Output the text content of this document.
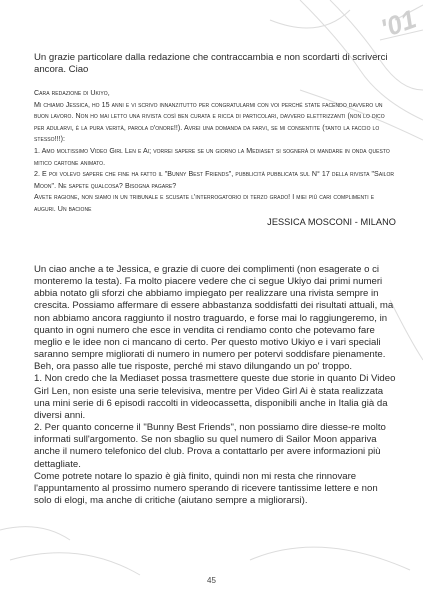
'01
Un grazie particolare dalla redazione che contraccambia e non scordarti di scriverci ancora. Ciao

Cara redazione di Ukiyo,

Mi chiamo Jessica, ho 15 anni e vi scrivo innanzitutto per congratularmi con voi perché state facendo davvero un buon lavoro. Non ho mai letto una rivista così ben curata e ricca di particolari, davvero elettrizzanti (non lo dico per adularvi, è la pura verità, parola d'onore!!). Avrei una domanda da farvi, se mi consentite (tanto la faccio lo stesso!!!):

1. Amo moltissimo Video Girl Len e Ai; vorrei sapere se un giorno la Mediaset si sognerà di mandare in onda questo mitico cartone animato.

2. E poi volevo sapere che fine ha fatto il "Bunny Best Friends", pubblicità pubblicata sul N° 17 della rivista "Sailor Moon". Ne sapete qualcosa? Bisogna pagare?

Avete ragione, non siamo in un tribunale e scusate l'interrogatorio di terzo grado! I miei più cari complimenti e auguri. Un bacione

JESSICA MOSCONI - MILANO

Un ciao anche a te Jessica, e grazie di cuore dei complimenti (non esagerate o ci monteremo la testa). Fa molto piacere vedere che ci segue Ukiyo dai primi numeri abbia notato gli sforzi che abbiamo impiegato per realizzare una rivista sempre in crescita. Possiamo affermare di essere abbastanza soddisfatti dei risultati attuali, ma non abbiamo ancora raggiunto il nostro traguardo, e forse mai lo raggiungeremo, in quanto in ogni numero che esce in vendita ci rendiamo conto che potevamo fare meglio e le idee non ci mancano di certo. Per questo motivo Ukiyo e i vari speciali saranno sempre migliorati di numero in numero per potervi soddisfare pienamente. Beh, ora passo alle tue risposte, perché mi stavo dilungando un po' troppo.

1. Non credo che la Mediaset possa trasmettere queste due storie in quanto Di Video Girl Len, non esiste una serie televisiva, mentre per Video Girl Ai è stata realizzata una mini serie di 6 episodi raccolti in videocassetta, disponibili anche in Italia già da diversi anni.

2. Per quanto concerne il "Bunny Best Friends", non possiamo dire diesse-re molto informati sull'argomento. Se non sbaglio su quel numero di Sailor Moon appariva anche il numero telefonico del club. Prova a contattarlo per avere informazioni più dettagliate.

Come potrete notare lo spazio è già finito, quindi non mi resta che rinnovare l'appuntamento al prossimo numero sperando di ricevere tantissime lettere e non solo di elogi, ma anche di critiche (aiutano sempre a migliorarsi).

45
